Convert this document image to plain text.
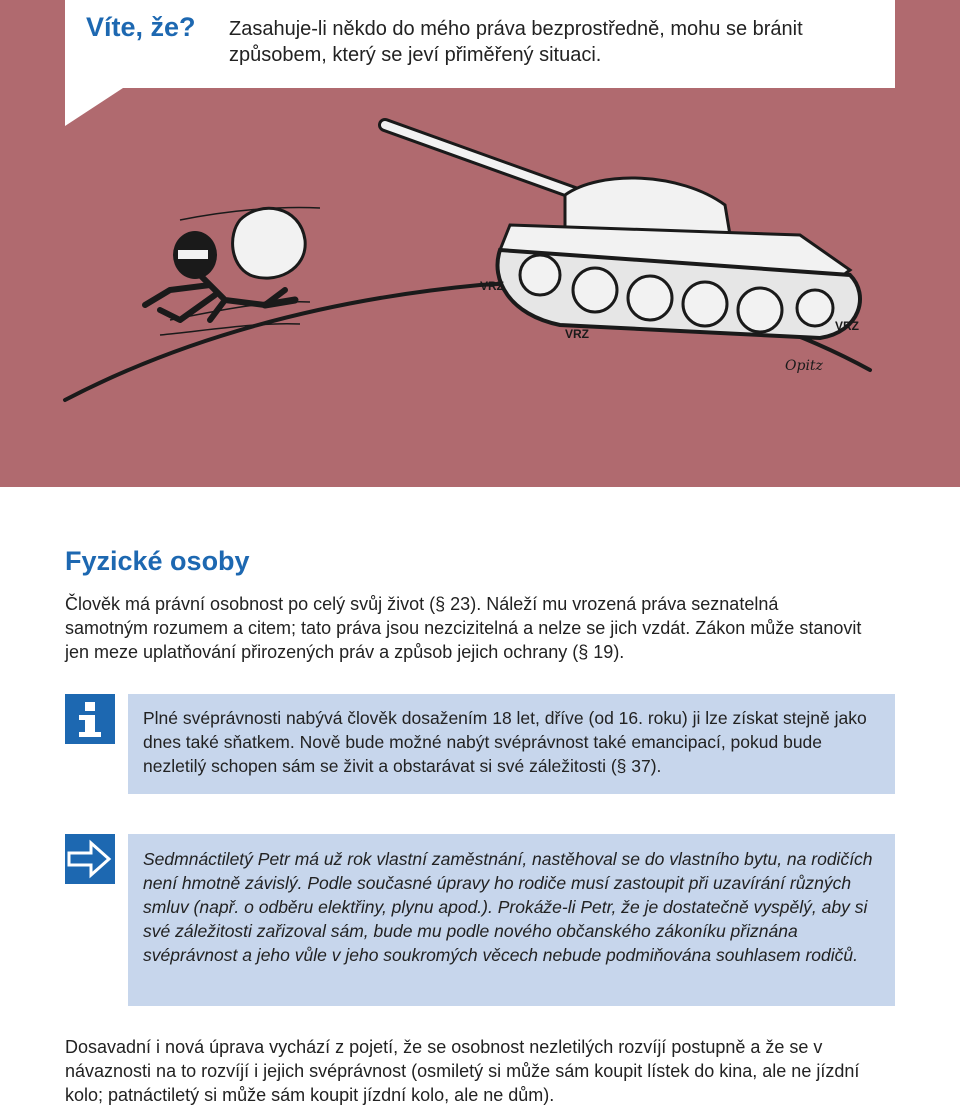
Víte, že? Zasahuje-li někdo do mého práva bezprostředně, mohu se bránit způsobem, který se jeví přiměřený situaci.

VRZ
VRZ
VRZ
Opitz
Fyzické osoby

Člověk má právní osobnost po celý svůj život (§ 23). Náleží mu vrozená práva seznatelná samotným rozumem a citem; tato práva jsou nezcizitelná a nelze se jich vzdát. Zákon může stanovit jen meze uplatňování přirozených práv a způsob jejich ochrany (§ 19).

Plné svéprávnosti nabývá člověk dosažením 18 let, dříve (od 16. roku) ji lze získat stejně jako dnes také sňatkem. Nově bude možné nabýt svéprávnost také emancipací, pokud bude nezletilý schopen sám se živit a obstarávat si své záležitosti (§ 37).

Sedmnáctiletý Petr má už rok vlastní zaměstnání, nastěhoval se do vlastního bytu, na rodičích není hmotně závislý. Podle současné úpravy ho rodiče musí zastoupit při uzavírání různých smluv (např. o odběru elektřiny, plynu apod.). Prokáže-li Petr, že je dostatečně vyspělý, aby si své záležitosti zařizoval sám, bude mu podle nového občanského zákoníku přiznána svéprávnost a jeho vůle v jeho soukromých věcech nebude podmiňována souhlasem rodičů.

Dosavadní i nová úprava vychází z pojetí, že se osobnost nezletilých rozvíjí postupně a že se v návaznosti na to rozvíjí i jejich svéprávnost (osmiletý si může sám koupit lístek do kina, ale ne jízdní kolo; patnáctiletý si může sám koupit jízdní kolo, ale ne dům).
